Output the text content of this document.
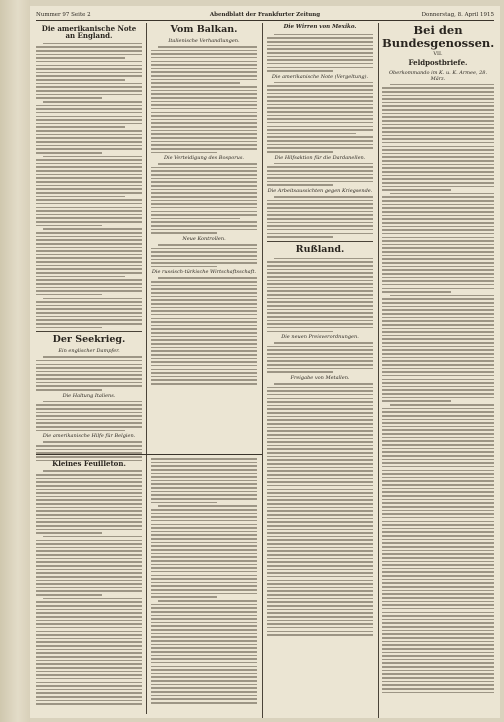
Nummer 97 Seite 2	Abendblatt der Frankfurter Zeitung	Donnerstag, 8. April 1915
Die amerikanische Note an England.
Der Seekrieg.
Ein englischer Dampfer.
Die Haltung Italiens.
Die amerikanische Hilfe für Belgien.
Vom Balkan.
Italienische Verhandlungen.
Die Verteidigung des Bosporus.
Neue Kontrollen.
Die russisch-türkische Wirtschaftsschaft.
Die Wirren von Mexiko.
Die amerikanische Note (Vergeltung).
Die Hilfsaktion für die Dardanellen.
Die Arbeitsaussichten gegen Kriegsende.
Rußland.
Die neuen Preisverordnungen.
Freigabe von Metallen.
Bei den Bundesgenossen.
VII.
Feldpostbriefe.
Oberkommando im K. u. K. Armee, 28. März.
Kleines Feuilleton.
